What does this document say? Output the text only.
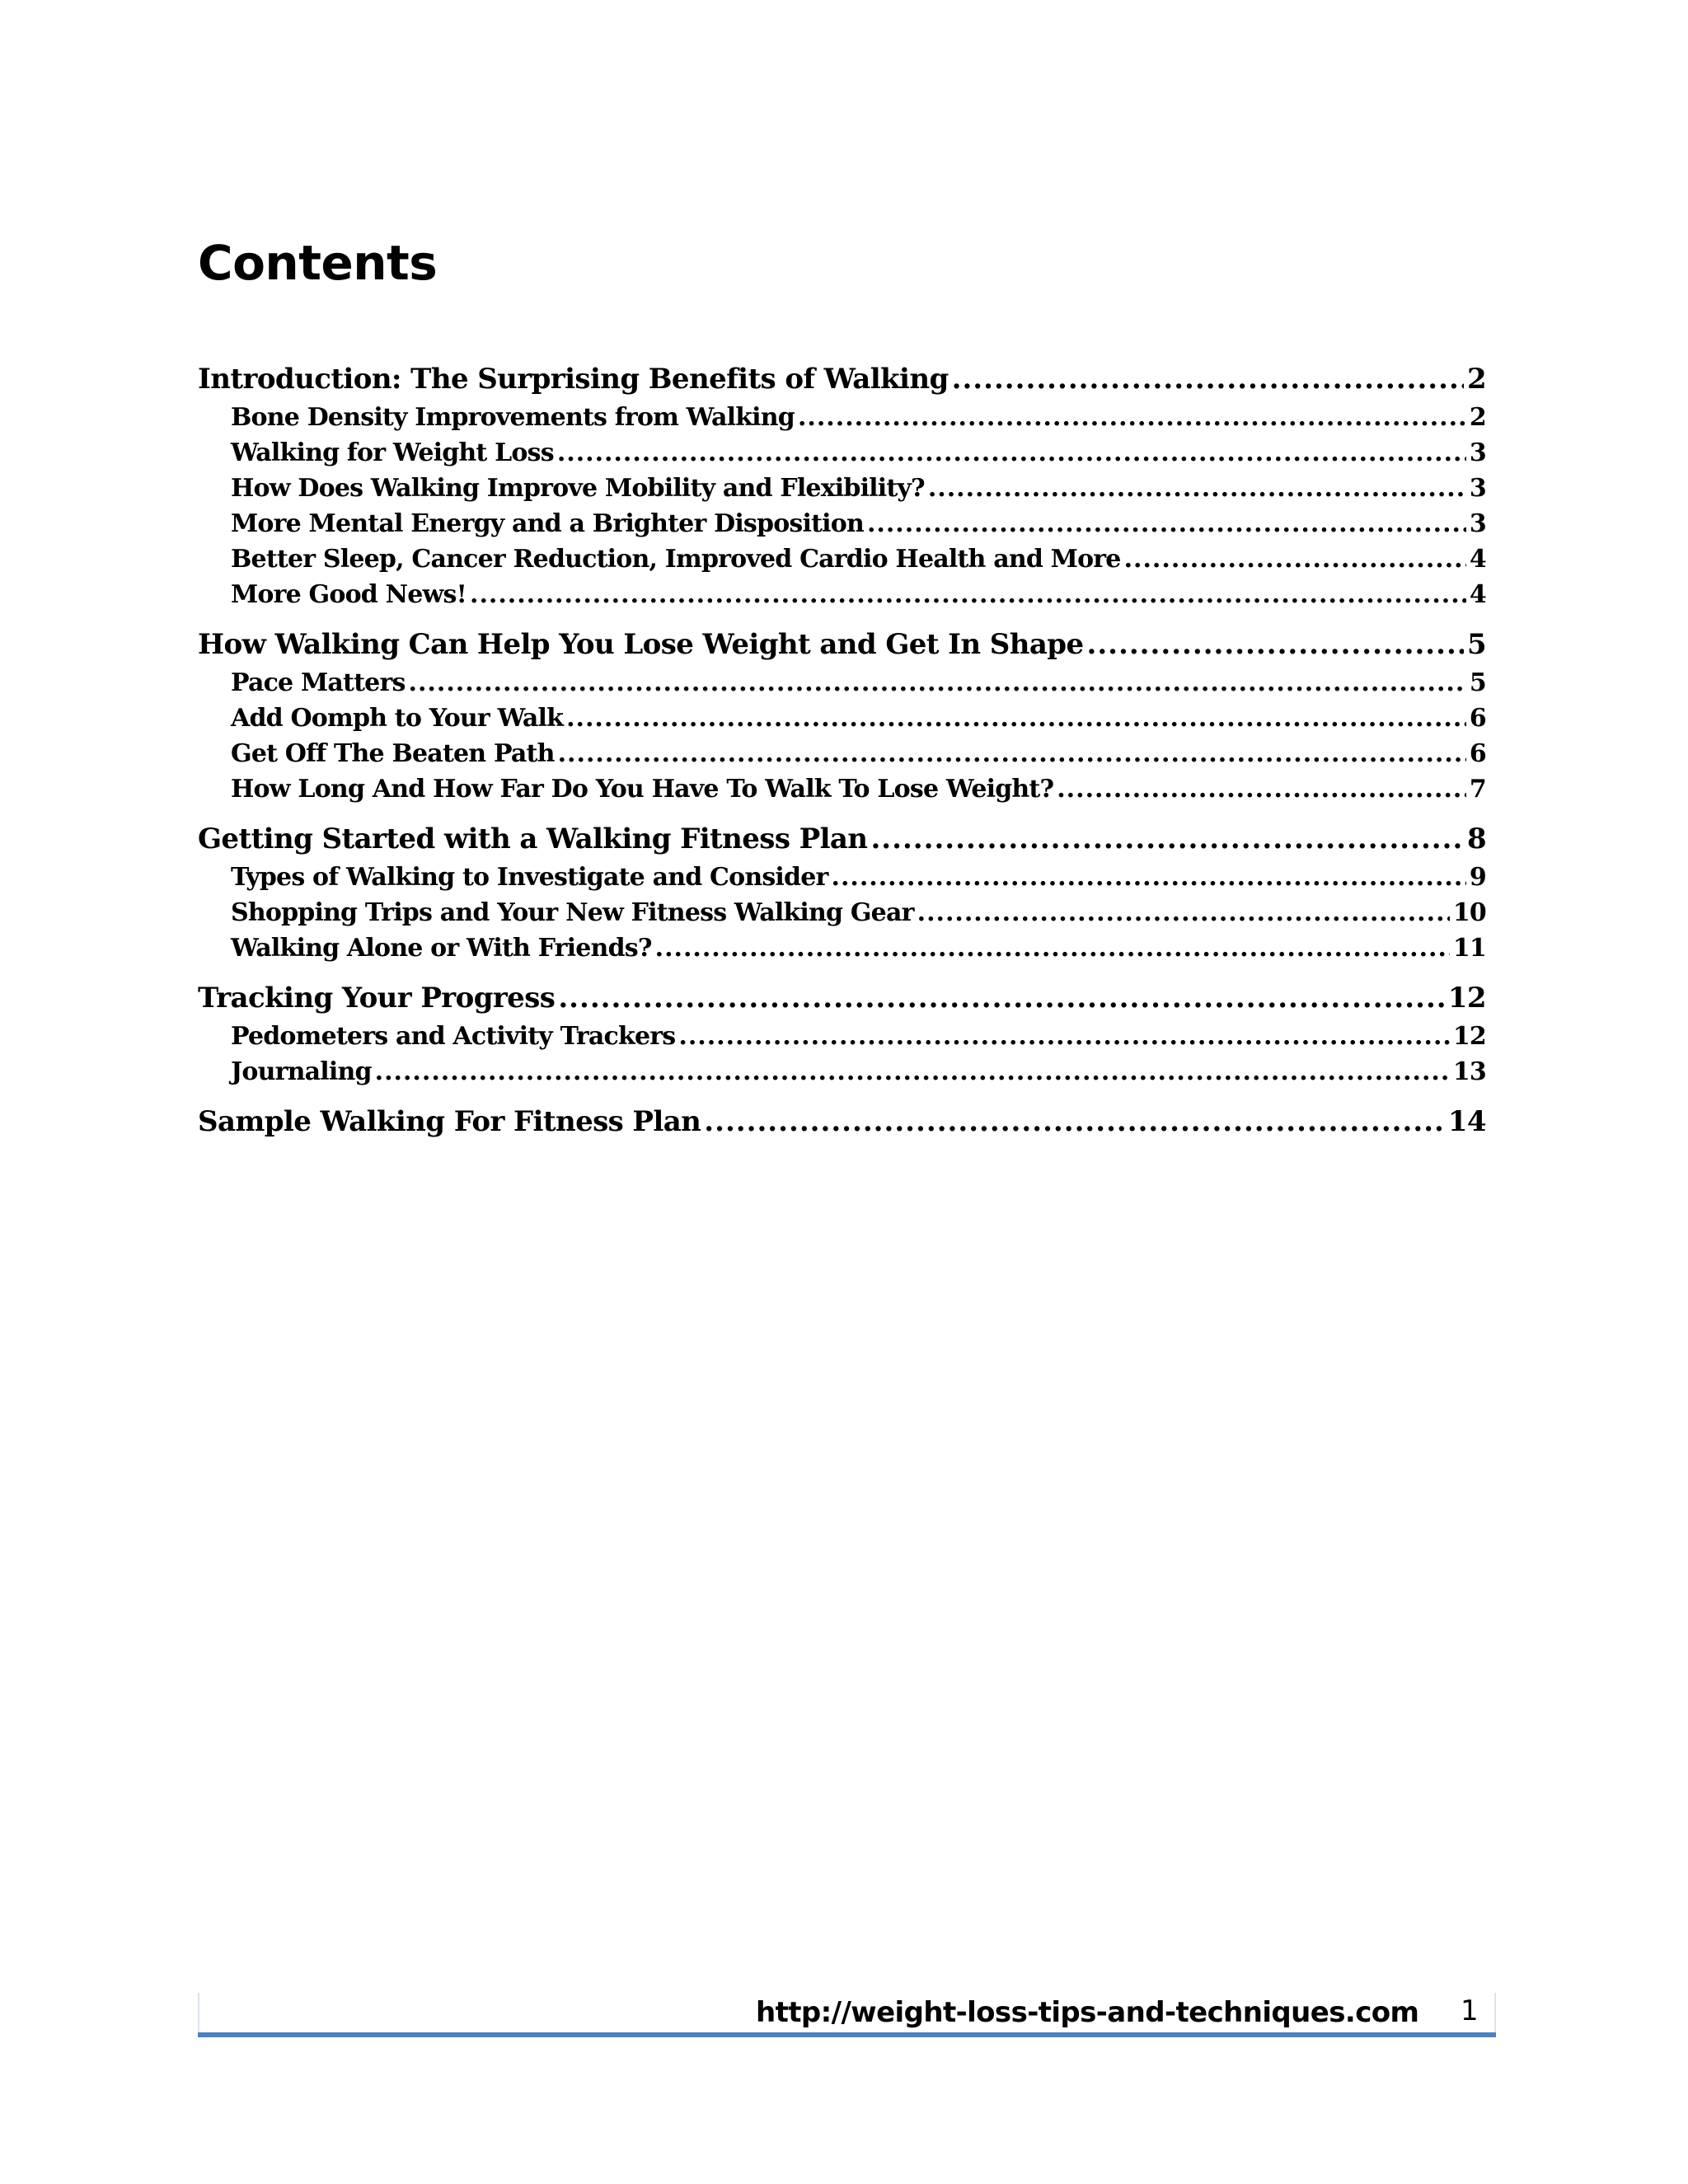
Contents
Introduction: The Surprising Benefits of Walking .....	2
Bone Density Improvements from Walking .....	2
Walking for Weight Loss .....	3
How Does Walking Improve Mobility and Flexibility? .....	3
More Mental Energy and a Brighter Disposition .....	3
Better Sleep, Cancer Reduction, Improved Cardio Health and More .....	4
More Good News! .....	4
How Walking Can Help You Lose Weight and Get In Shape .....	5
Pace Matters .....	5
Add Oomph to Your Walk .....	6
Get Off The Beaten Path .....	6
How Long And How Far Do You Have To Walk To Lose Weight? .....	7
Getting Started with a Walking Fitness Plan .....	8
Types of Walking to Investigate and Consider .....	9
Shopping Trips and Your New Fitness Walking Gear .....	10
Walking Alone or With Friends? .....	11
Tracking Your Progress .....	12
Pedometers and Activity Trackers .....	12
Journaling .....	13
Sample Walking For Fitness Plan .....	14
http://weight-loss-tips-and-techniques.com 1
